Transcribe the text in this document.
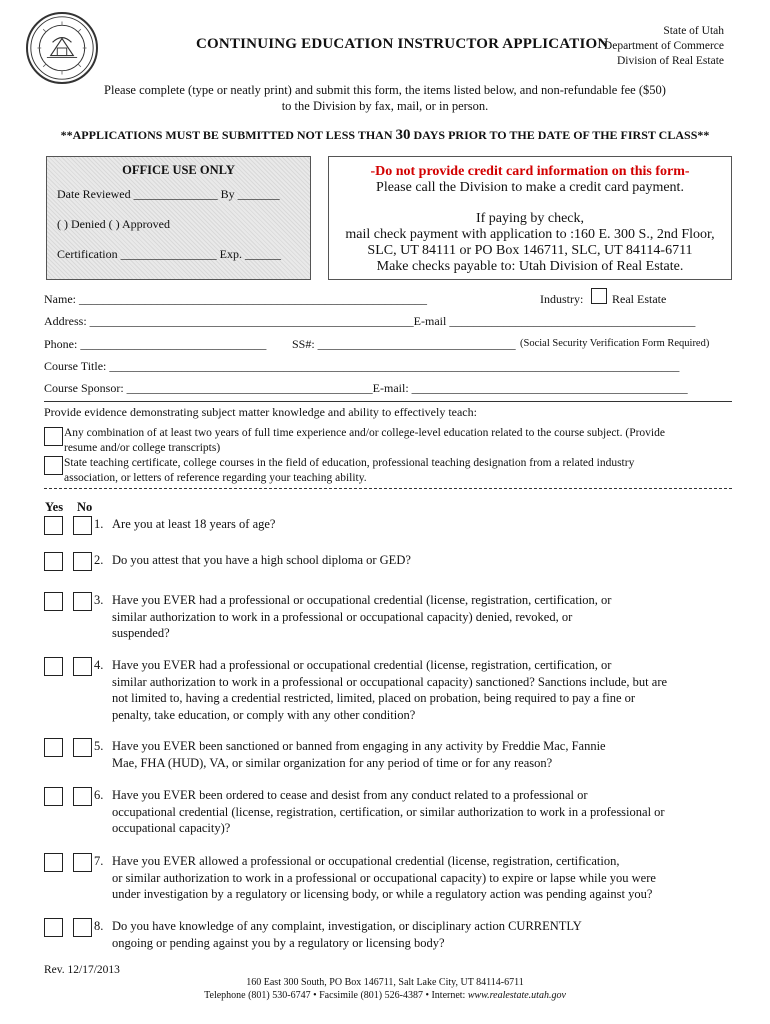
CONTINUING EDUCATION INSTRUCTOR APPLICATION
State of Utah
Department of Commerce
Division of Real Estate
Please complete (type or neatly print) and submit this form, the items listed below, and non-refundable fee ($50)
to the Division by fax, mail, or in person.
**APPLICATIONS MUST BE SUBMITTED NOT LESS THAN 30 DAYS PRIOR TO THE DATE OF THE FIRST CLASS**
OFFICE USE ONLY
Date Reviewed ______________ By _______
( ) Denied ( ) Approved
Certification ________________ Exp. ______
-Do not provide credit card information on this form-
Please call the Division to make a credit card payment.
If paying by check,
mail check payment with application to :160 E. 300 S., 2nd Floor,
SLC, UT 84111 or PO Box 146711, SLC, UT 84114-6711
Make checks payable to: Utah Division of Real Estate.
Name: __________________________________________________________	Industry: Real Estate
Address: ______________________________________________________E-mail _________________________________________
Phone: _______________________________ SS#: _________________________________ (Social Security Verification Form Required)
Course Title: _______________________________________________________________________________________________
Course Sponsor: _________________________________________E-mail: ______________________________________________
Provide evidence demonstrating subject matter knowledge and ability to effectively teach:
Any combination of at least two years of full time experience and/or college-level education related to the course subject. (Provide
resume and/or college transcripts)
State teaching certificate, college courses in the field of education, professional teaching designation from a related industry
association, or letters of reference regarding your teaching ability.
Yes No
1. Are you at least 18 years of age?
2. Do you attest that you have a high school diploma or GED?
3. Have you EVER had a professional or occupational credential (license, registration, certification, or
similar authorization to work in a professional or occupational capacity) denied, revoked, or
suspended?
4. Have you EVER had a professional or occupational credential (license, registration, certification, or
similar authorization to work in a professional or occupational capacity) sanctioned? Sanctions include, but are
not limited to, having a credential restricted, limited, placed on probation, being required to pay a fine or
penalty, take education, or comply with any other condition?
5. Have you EVER been sanctioned or banned from engaging in any activity by Freddie Mac, Fannie
Mae, FHA (HUD), VA, or similar organization for any period of time or for any reason?
6. Have you EVER been ordered to cease and desist from any conduct related to a professional or
occupational credential (license, registration, certification, or similar authorization to work in a professional or
occupational capacity)?
7. Have you EVER allowed a professional or occupational credential (license, registration, certification,
or similar authorization to work in a professional or occupational capacity) to expire or lapse while you were
under investigation by a regulatory or licensing body, or while a regulatory action was pending against you?
8. Do you have knowledge of any complaint, investigation, or disciplinary action CURRENTLY
ongoing or pending against you by a regulatory or licensing body?
Rev. 12/17/2013
160 East 300 South, PO Box 146711, Salt Lake City, UT 84114-6711
Telephone (801) 530-6747 • Facsimile (801) 526-4387 • Internet: www.realestate.utah.gov
